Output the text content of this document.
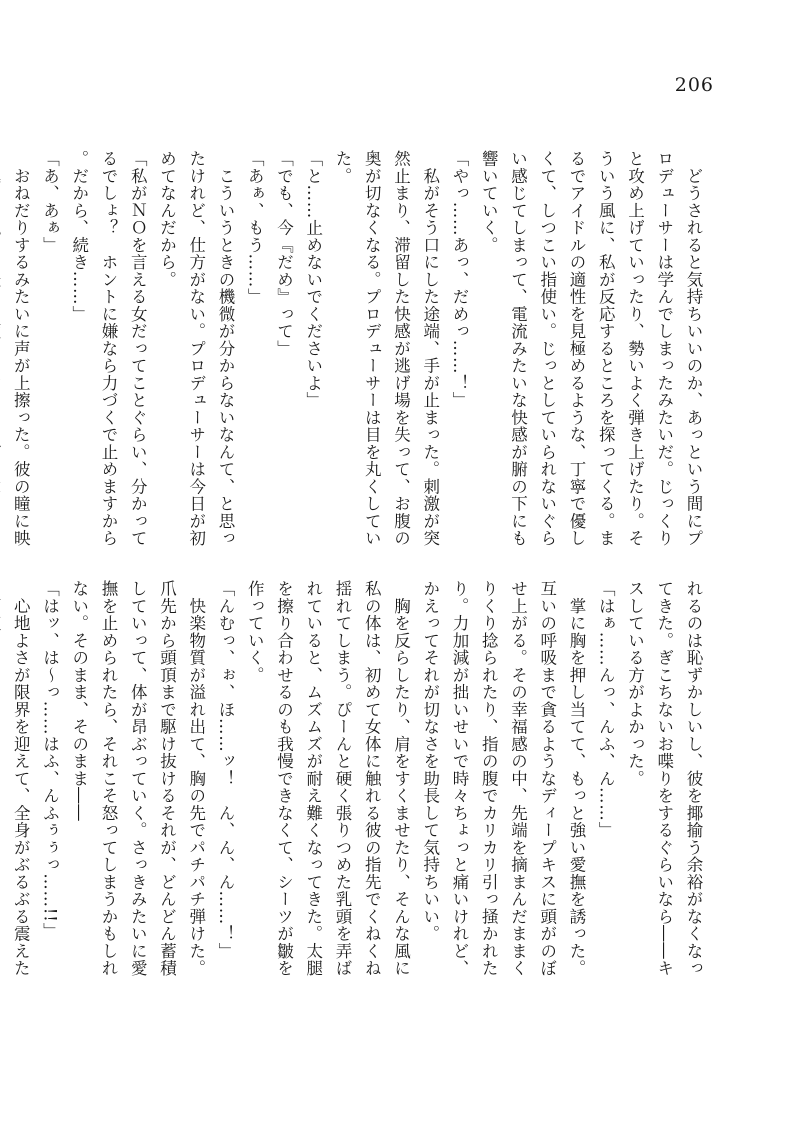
206

　どうされると気持ちいいのか、あっという間にプロデューサーは学んでしまったみたいだ。じっくりと攻め上げていったり、勢いよく弾き上げたり。そういう風に、私が反応するところを探ってくる。まるでアイドルの適性を見極めるような、丁寧で優しくて、しつこい指使い。じっとしていられないぐらい感じてしまって、電流みたいな快感が腑の下にも響いていく。

「やっ……あっ、だめっ……！」

　私がそう口にした途端、手が止まった。刺激が突然止まり、滞留した快感が逃げ場を失って、お腹の奥が切なくなる。プロデューサーは目を丸くしていた。

「と……止めないでくださいよ」

「でも、今『だめ』って」

「あぁ、もう……」

　こういうときの機微が分からないなんて、と思ったけれど、仕方がない。プロデューサーは今日が初めてなんだから。

「私がＮＯを言える女だってことぐらい、分かってるでしょ？　ホントに嫌なら力づくで止めますから。だから、続き……」

「あ、あぁ」

　おねだりするみたいに声が上擦った。彼の瞳に映

れるのは恥ずかしいし、彼を揶揄う余裕がなくなってきた。ぎこちないお喋りをするぐらいなら――キスしている方がよかった。

「はぁ……んっ、んふ、ん……」

　掌に胸を押し当てて、もっと強い愛撫を誘った。互いの呼吸まで貪るようなディープキスに頭がのぼせ上がる。その幸福感の中、先端を摘まんだままくりくり捻られたり、指の腹でカリカリ引っ掻かれたり。力加減が拙いせいで時々ちょっと痛いけれど、かえってそれが切なさを助長して気持ちいい。

　胸を反らしたり、肩をすくませたり、そんな風に私の体は、初めて女体に触れる彼の指先でくねくね揺れてしまう。ぴーんと硬く張りつめた乳頭を弄ばれていると、ムズムズが耐え難くなってきた。太腿を擦り合わせるのも我慢できなくて、シーツが皺を作っていく。

「んむっ、ぉ、ほ……ッ！　ん、ん、ん……！」

　快楽物質が溢れ出て、胸の先でパチパチ弾けた。爪先から頭頂まで駆け抜けるそれが、どんどん蓄積していって、体が昂ぶっていく。さっきみたいに愛撫を止められたら、それこそ怒ってしまうかもしれない。そのまま、そのまま――

「はッ、は～っ……はふ、んふぅぅっ……!!」

　心地よさが限界を迎えて、全身がぶるぶる震えた
